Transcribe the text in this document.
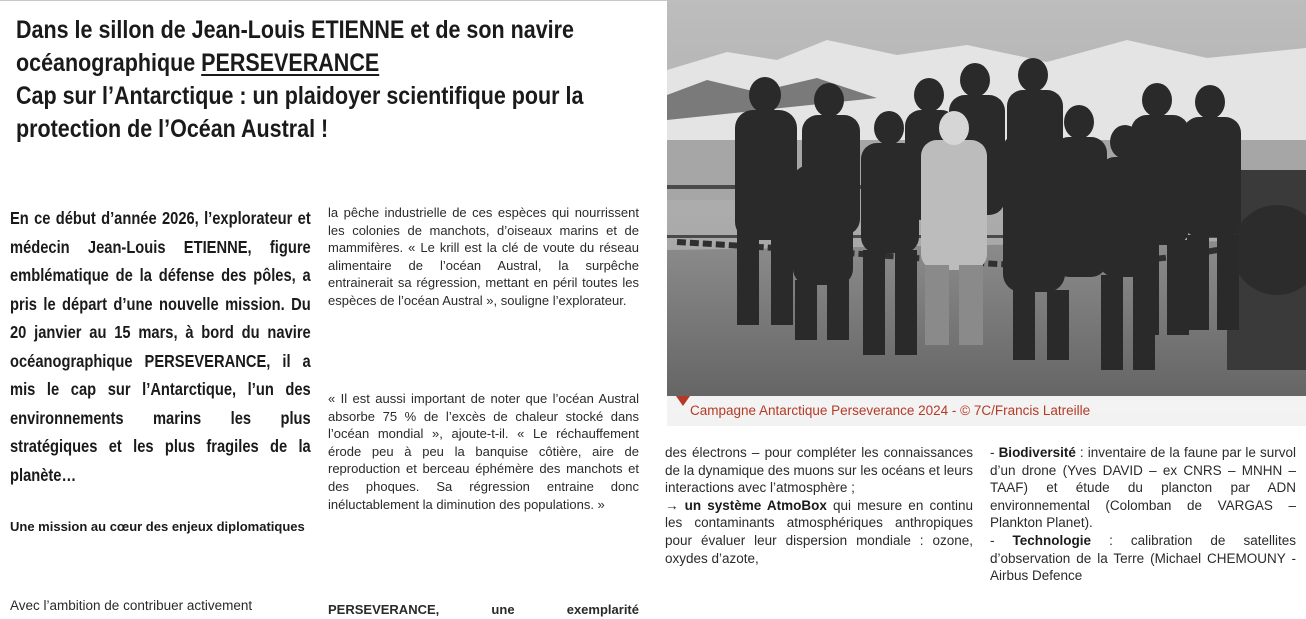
Dans le sillon de Jean-Louis ETIENNE et de son navire océanographique PERSEVERANCE
Cap sur l’Antarctique : un plaidoyer scientifique pour la protection de l’Océan Austral !
En ce début d’année 2026, l’explorateur et médecin Jean-Louis ETIENNE, figure emblématique de la défense des pôles, a pris le départ d’une nouvelle mission. Du 20 janvier au 15 mars, à bord du navire océanographique PERSEVERANCE, il a mis le cap sur l’Antarctique, l’un des environnements marins les plus stratégiques et les plus fragiles de la planète…
Une mission au cœur des enjeux diplomatiques
Avec l’ambition de contribuer activement

la pêche industrielle de ces espèces qui nourrissent les colonies de manchots, d’oiseaux marins et de mammifères. « Le krill est la clé de voute du réseau alimentaire de l’océan Austral, la surpêche entrainerait sa régression, mettant en péril toutes les espèces de l’océan Austral », souligne l’explorateur.

« Il est aussi important de noter que l’océan Austral absorbe 75 % de l’excès de chaleur stocké dans l’océan mondial », ajoute-t-il. « Le réchauffement érode peu à peu la banquise côtière, aire de reproduction et berceau éphémère des manchots et des phoques. Sa régression entraine donc inéluctablement la diminution des populations. »

PERSEVERANCE, une exemplarité

Campagne Antarctique Perseverance 2024 - © 7C/Francis Latreille

des électrons – pour compléter les connaissances de la dynamique des muons sur les océans et leurs interactions avec l’atmosphère ;

→ un système AtmoBox qui mesure en continu les contaminants atmosphériques anthropiques pour évaluer leur dispersion mondiale : ozone, oxydes d’azote,

- Biodiversité : inventaire de la faune par le survol d’un drone (Yves DAVID – ex CNRS – MNHN – TAAF) et étude du plancton par ADN environnemental (Colomban de VARGAS – Plankton Planet).

- Technologie : calibration de satellites d’observation de la Terre (Michael CHEMOUNY - Airbus Defence
